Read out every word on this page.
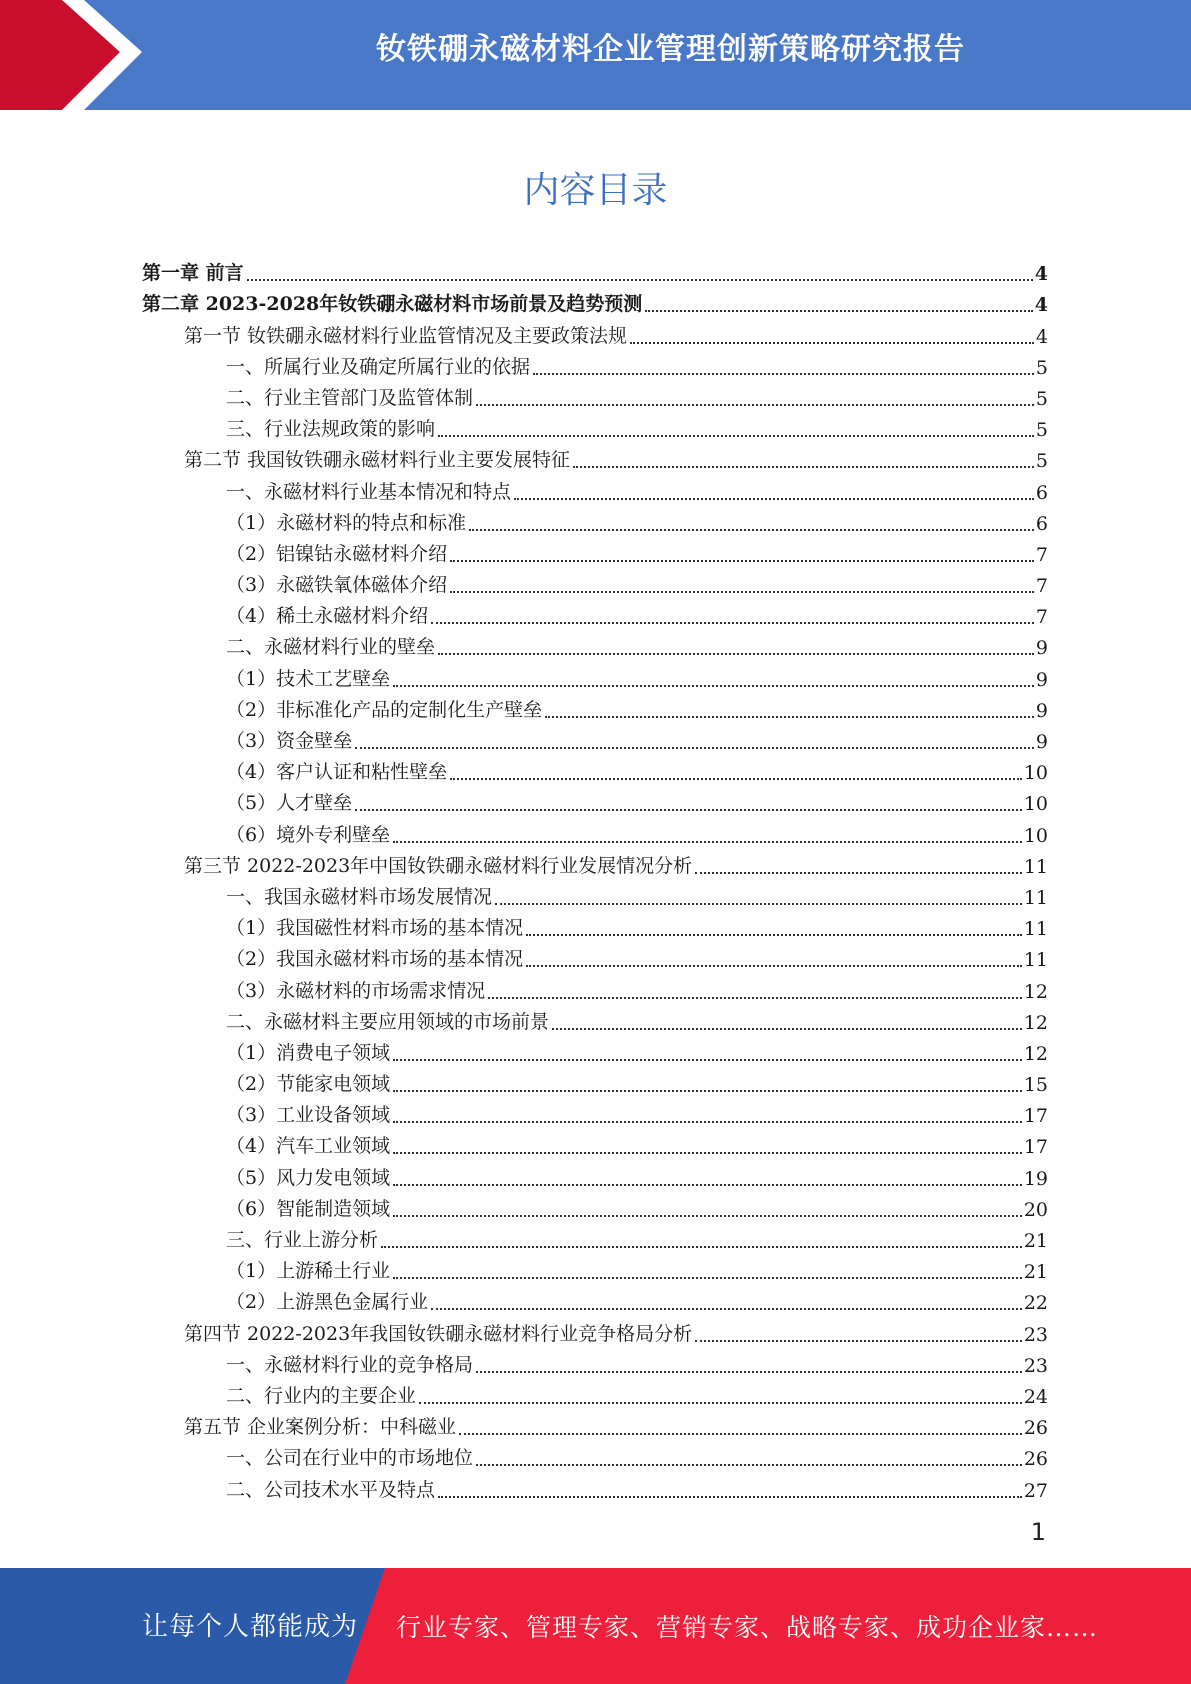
钕铁硼永磁材料企业管理创新策略研究报告
内容目录
第一章 前言	4
第二章 2023-2028年钕铁硼永磁材料市场前景及趋势预测	4
第一节 钕铁硼永磁材料行业监管情况及主要政策法规	4
一、所属行业及确定所属行业的依据	5
二、行业主管部门及监管体制	5
三、行业法规政策的影响	5
第二节 我国钕铁硼永磁材料行业主要发展特征	5
一、永磁材料行业基本情况和特点	6
（1）永磁材料的特点和标准	6
（2）铝镍钴永磁材料介绍	7
（3）永磁铁氧体磁体介绍	7
（4）稀土永磁材料介绍	7
二、永磁材料行业的壁垒	9
（1）技术工艺壁垒	9
（2）非标准化产品的定制化生产壁垒	9
（3）资金壁垒	9
（4）客户认证和粘性壁垒	10
（5）人才壁垒	10
（6）境外专利壁垒	10
第三节 2022-2023年中国钕铁硼永磁材料行业发展情况分析	11
一、我国永磁材料市场发展情况	11
（1）我国磁性材料市场的基本情况	11
（2）我国永磁材料市场的基本情况	11
（3）永磁材料的市场需求情况	12
二、永磁材料主要应用领域的市场前景	12
（1）消费电子领域	12
（2）节能家电领域	15
（3）工业设备领域	17
（4）汽车工业领域	17
（5）风力发电领域	19
（6）智能制造领域	20
三、行业上游分析	21
（1）上游稀土行业	21
（2）上游黑色金属行业	22
第四节 2022-2023年我国钕铁硼永磁材料行业竞争格局分析	23
一、永磁材料行业的竞争格局	23
二、行业内的主要企业	24
第五节 企业案例分析：中科磁业	26
一、公司在行业中的市场地位	26
二、公司技术水平及特点	27
1
让每个人都能成为 行业专家、管理专家、营销专家、战略专家、成功企业家……
